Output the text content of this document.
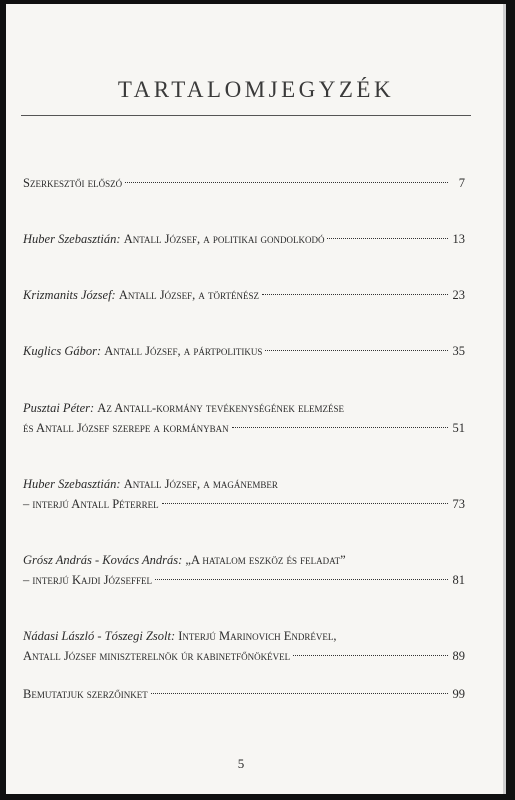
TARTALOMJEGYZÉK
Szerkesztői előszó	7
Huber Szebasztián:
Antall József, a politikai gondolkodó	13
Krizmanits József:
Antall József, a történész	23
Kuglics Gábor:
Antall József, a pártpolitikus	35
Pusztai Péter:
Az Antall-kormány tevékenységének elemzése
és Antall József szerepe a kormányban	51
Huber Szebasztián:
Antall József, a magánember
– interjú Antall Péterrel	73
Grósz András - Kovács András:
„A hatalom eszköz és feladat”
– interjú Kajdi Józseffel	81
Nádasi László - Tószegi Zsolt:
Interjú Marinovich Endrével,
Antall József miniszterelnök úr kabinetfőnökével	89
Bemutatjuk szerzőinket	99
5
